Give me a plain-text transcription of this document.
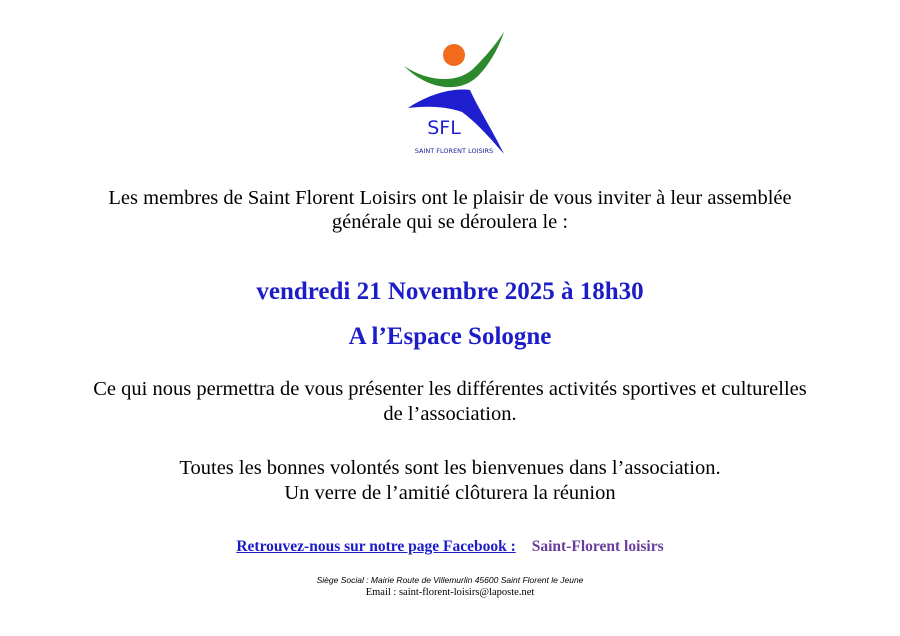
SFL
SAINT FLORENT LOISIRS
Les membres de Saint Florent Loisirs ont le plaisir de vous inviter à leur assemblée
générale qui se déroulera le :
vendredi 21 Novembre 2025 à 18h30
A l’Espace Sologne
Ce qui nous permettra de vous présenter les différentes activités sportives et culturelles
de l’association.
Toutes les bonnes volontés sont les bienvenues dans l’association.
Un verre de l’amitié clôturera la réunion
Retrouvez-nous sur notre page Facebook : Saint-Florent loisirs
Siège Social : Mairie Route de Villemurlin 45600 Saint Florent le Jeune
Email : saint-florent-loisirs@laposte.net
